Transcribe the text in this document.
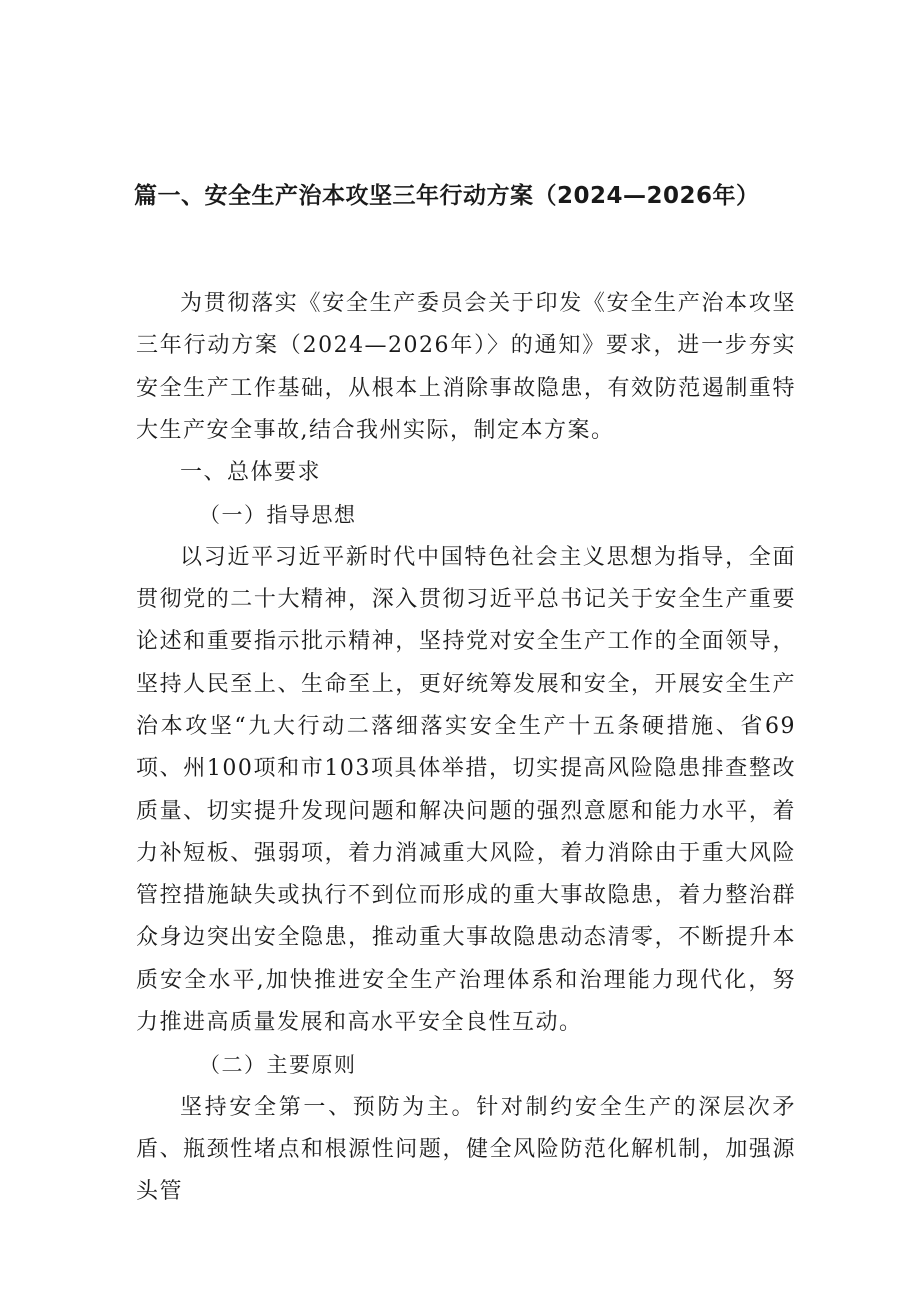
篇一、安全生产治本攻坚三年行动方案（2024—2026年）

为贯彻落实《安全生产委员会关于印发《安全生产治本攻坚三年行动方案（2024—2026年）〉的通知》要求，进一步夯实安全生产工作基础，从根本上消除事故隐患，有效防范遏制重特大生产安全事故,结合我州实际，制定本方案。

一、总体要求

（一）指导思想

以习近平习近平新时代中国特色社会主义思想为指导，全面贯彻党的二十大精神，深入贯彻习近平总书记关于安全生产重要论述和重要指示批示精神，坚持党对安全生产工作的全面领导，坚持人民至上、生命至上，更好统筹发展和安全，开展安全生产治本攻坚“九大行动二落细落实安全生产十五条硬措施、省69项、州100项和市103项具体举措，切实提高风险隐患排查整改质量、切实提升发现问题和解决问题的强烈意愿和能力水平，着力补短板、强弱项，着力消减重大风险，着力消除由于重大风险管控措施缺失或执行不到位而形成的重大事故隐患，着力整治群众身边突出安全隐患，推动重大事故隐患动态清零，不断提升本质安全水平,加快推进安全生产治理体系和治理能力现代化，努力推进高质量发展和高水平安全良性互动。

（二）主要原则

坚持安全第一、预防为主。针对制约安全生产的深层次矛盾、瓶颈性堵点和根源性问题，健全风险防范化解机制，加强源头管
